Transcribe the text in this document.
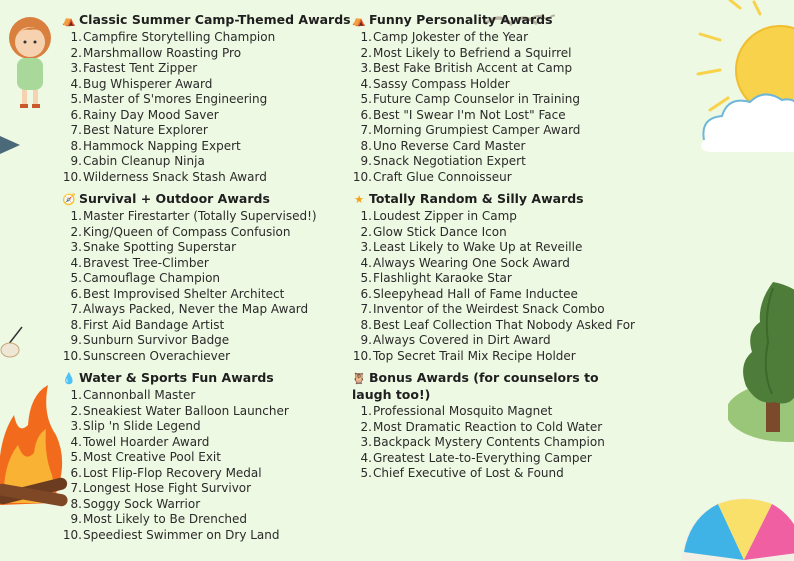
⛺ Classic Summer Camp-Themed Awards
1.Campfire Storytelling Champion
2.Marshmallow Roasting Pro
3.Fastest Tent Zipper
4.Bug Whisperer Award
5.Master of S'mores Engineering
6.Rainy Day Mood Saver
7.Best Nature Explorer
8.Hammock Napping Expert
9.Cabin Cleanup Ninja
10.Wilderness Snack Stash Award
🧭 Survival + Outdoor Awards
1.Master Firestarter (Totally Supervised!)
2.King/Queen of Compass Confusion
3.Snake Spotting Superstar
4.Bravest Tree-Climber
5.Camouflage Champion
6.Best Improvised Shelter Architect
7.Always Packed, Never the Map Award
8.First Aid Bandage Artist
9.Sunburn Survivor Badge
10.Sunscreen Overachiever
💧 Water & Sports Fun Awards
1.Cannonball Master
2.Sneakiest Water Balloon Launcher
3.Slip 'n Slide Legend
4.Towel Hoarder Award
5.Most Creative Pool Exit
6.Lost Flip-Flop Recovery Medal
7.Longest Hose Fight Survivor
8.Soggy Sock Warrior
9.Most Likely to Be Drenched
10.Speediest Swimmer on Dry Land
⛺ Funny Personality Awards
1.Camp Jokester of the Year
2.Most Likely to Befriend a Squirrel
3.Best Fake British Accent at Camp
4.Sassy Compass Holder
5.Future Camp Counselor in Training
6.Best "I Swear I'm Not Lost" Face
7.Morning Grumpiest Camper Award
8.Uno Reverse Card Master
9.Snack Negotiation Expert
10.Craft Glue Connoisseur
★ Totally Random & Silly Awards
1.Loudest Zipper in Camp
2.Glow Stick Dance Icon
3.Least Likely to Wake Up at Reveille
4.Always Wearing One Sock Award
5.Flashlight Karaoke Star
6.Sleepyhead Hall of Fame Inductee
7.Inventor of the Weirdest Snack Combo
8.Best Leaf Collection That Nobody Asked For
9.Always Covered in Dirt Award
10.Top Secret Trail Mix Recipe Holder
🦉 Bonus Awards (for counselors to laugh too!)
1.Professional Mosquito Magnet
2.Most Dramatic Reaction to Cold Water
3.Backpack Mystery Contents Champion
4.Greatest Late-to-Everything Camper
5.Chief Executive of Lost & Found
